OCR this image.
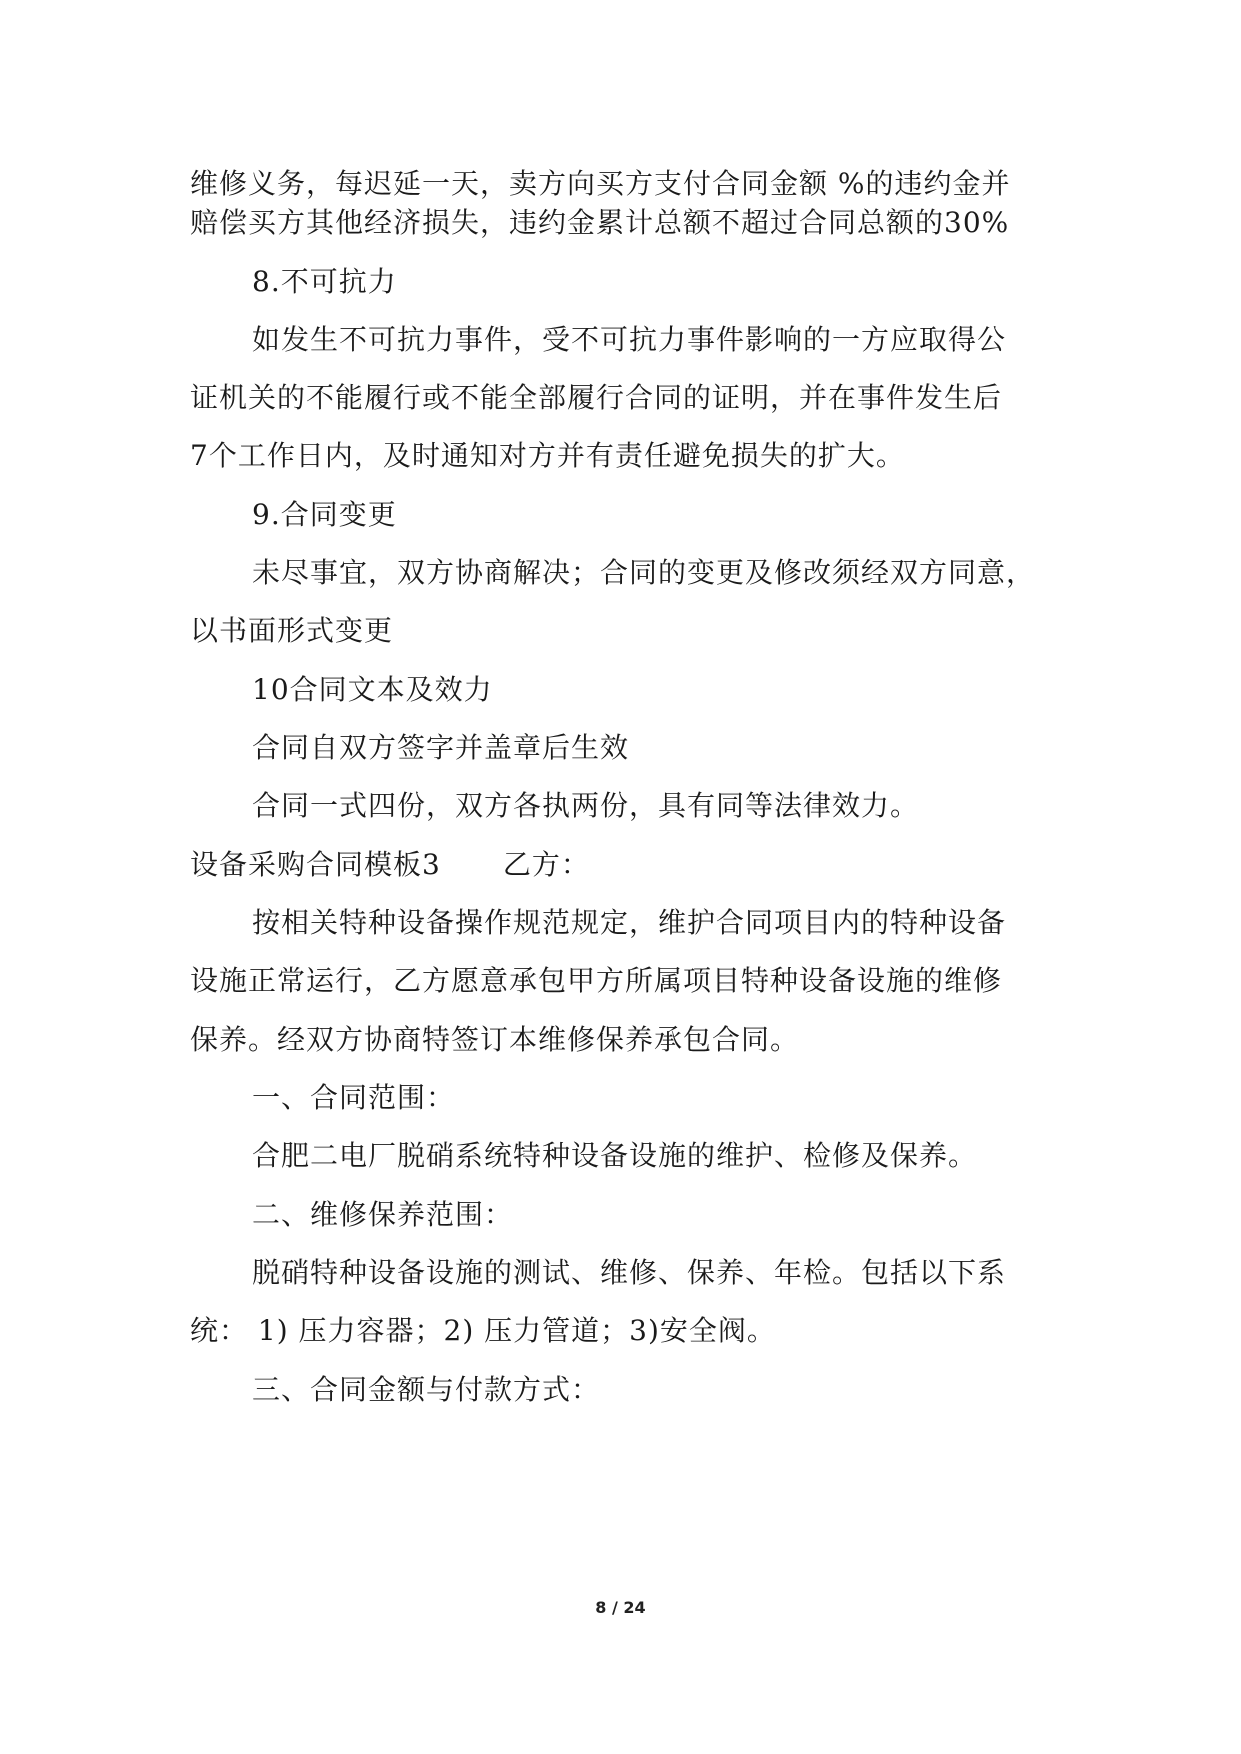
维修义务，每迟延一天，卖方向买方支付合同金额 %的违约金并
赔偿买方其他经济损失，违约金累计总额不超过合同总额的30%
8.不可抗力
如发生不可抗力事件，受不可抗力事件影响的一方应取得公
证机关的不能履行或不能全部履行合同的证明，并在事件发生后
7个工作日内，及时通知对方并有责任避免损失的扩大。
9.合同变更
未尽事宜，双方协商解决；合同的变更及修改须经双方同意，
以书面形式变更
10合同文本及效力
合同自双方签字并盖章后生效
合同一式四份，双方各执两份，具有同等法律效力。
设备采购合同模板3 乙方：
按相关特种设备操作规范规定，维护合同项目内的特种设备
设施正常运行，乙方愿意承包甲方所属项目特种设备设施的维修
保养。经双方协商特签订本维修保养承包合同。
一、合同范围：
合肥二电厂脱硝系统特种设备设施的维护、检修及保养。
二、维修保养范围：
脱硝特种设备设施的测试、维修、保养、年检。包括以下系
统： 1) 压力容器；2) 压力管道；3)安全阀。
三、合同金额与付款方式：
8 / 24
